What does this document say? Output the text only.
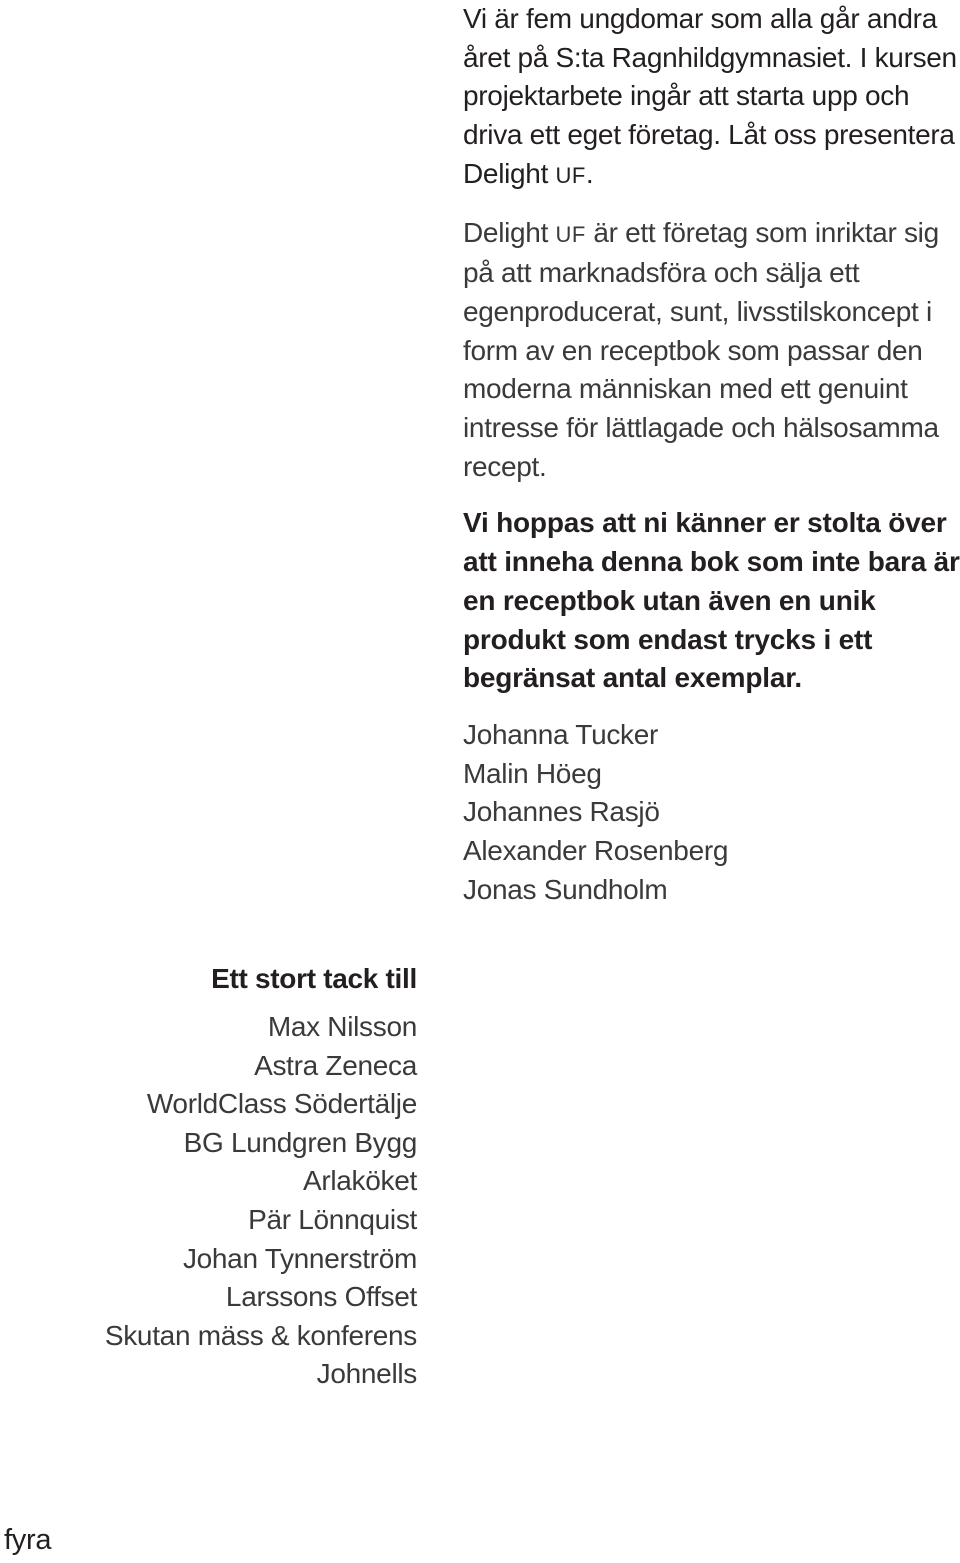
Vi är fem ungdomar som alla går andra året på S:ta Ragnhildgymnasiet. I kursen projektarbete ingår att starta upp och driva ett eget företag. Låt oss presentera Delight UF.

Delight UF är ett företag som inriktar sig på att marknadsföra och sälja ett egenproducerat, sunt, livsstilskoncept i form av en receptbok som passar den moderna människan med ett genuint intresse för lättlagade och hälsosamma recept.

Vi hoppas att ni känner er stolta över att inneha denna bok som inte bara är en receptbok utan även en unik produkt som endast trycks i ett begränsat antal exemplar.

Johanna Tucker
Malin Höeg
Johannes Rasjö
Alexander Rosenberg
Jonas Sundholm
Ett stort tack till
Max Nilsson
Astra Zeneca
WorldClass Södertälje
BG Lundgren Bygg
Arlaköket
Pär Lönnquist
Johan Tynnerström
Larssons Offset
Skutan mäss & konferens
Johnells
fyra
